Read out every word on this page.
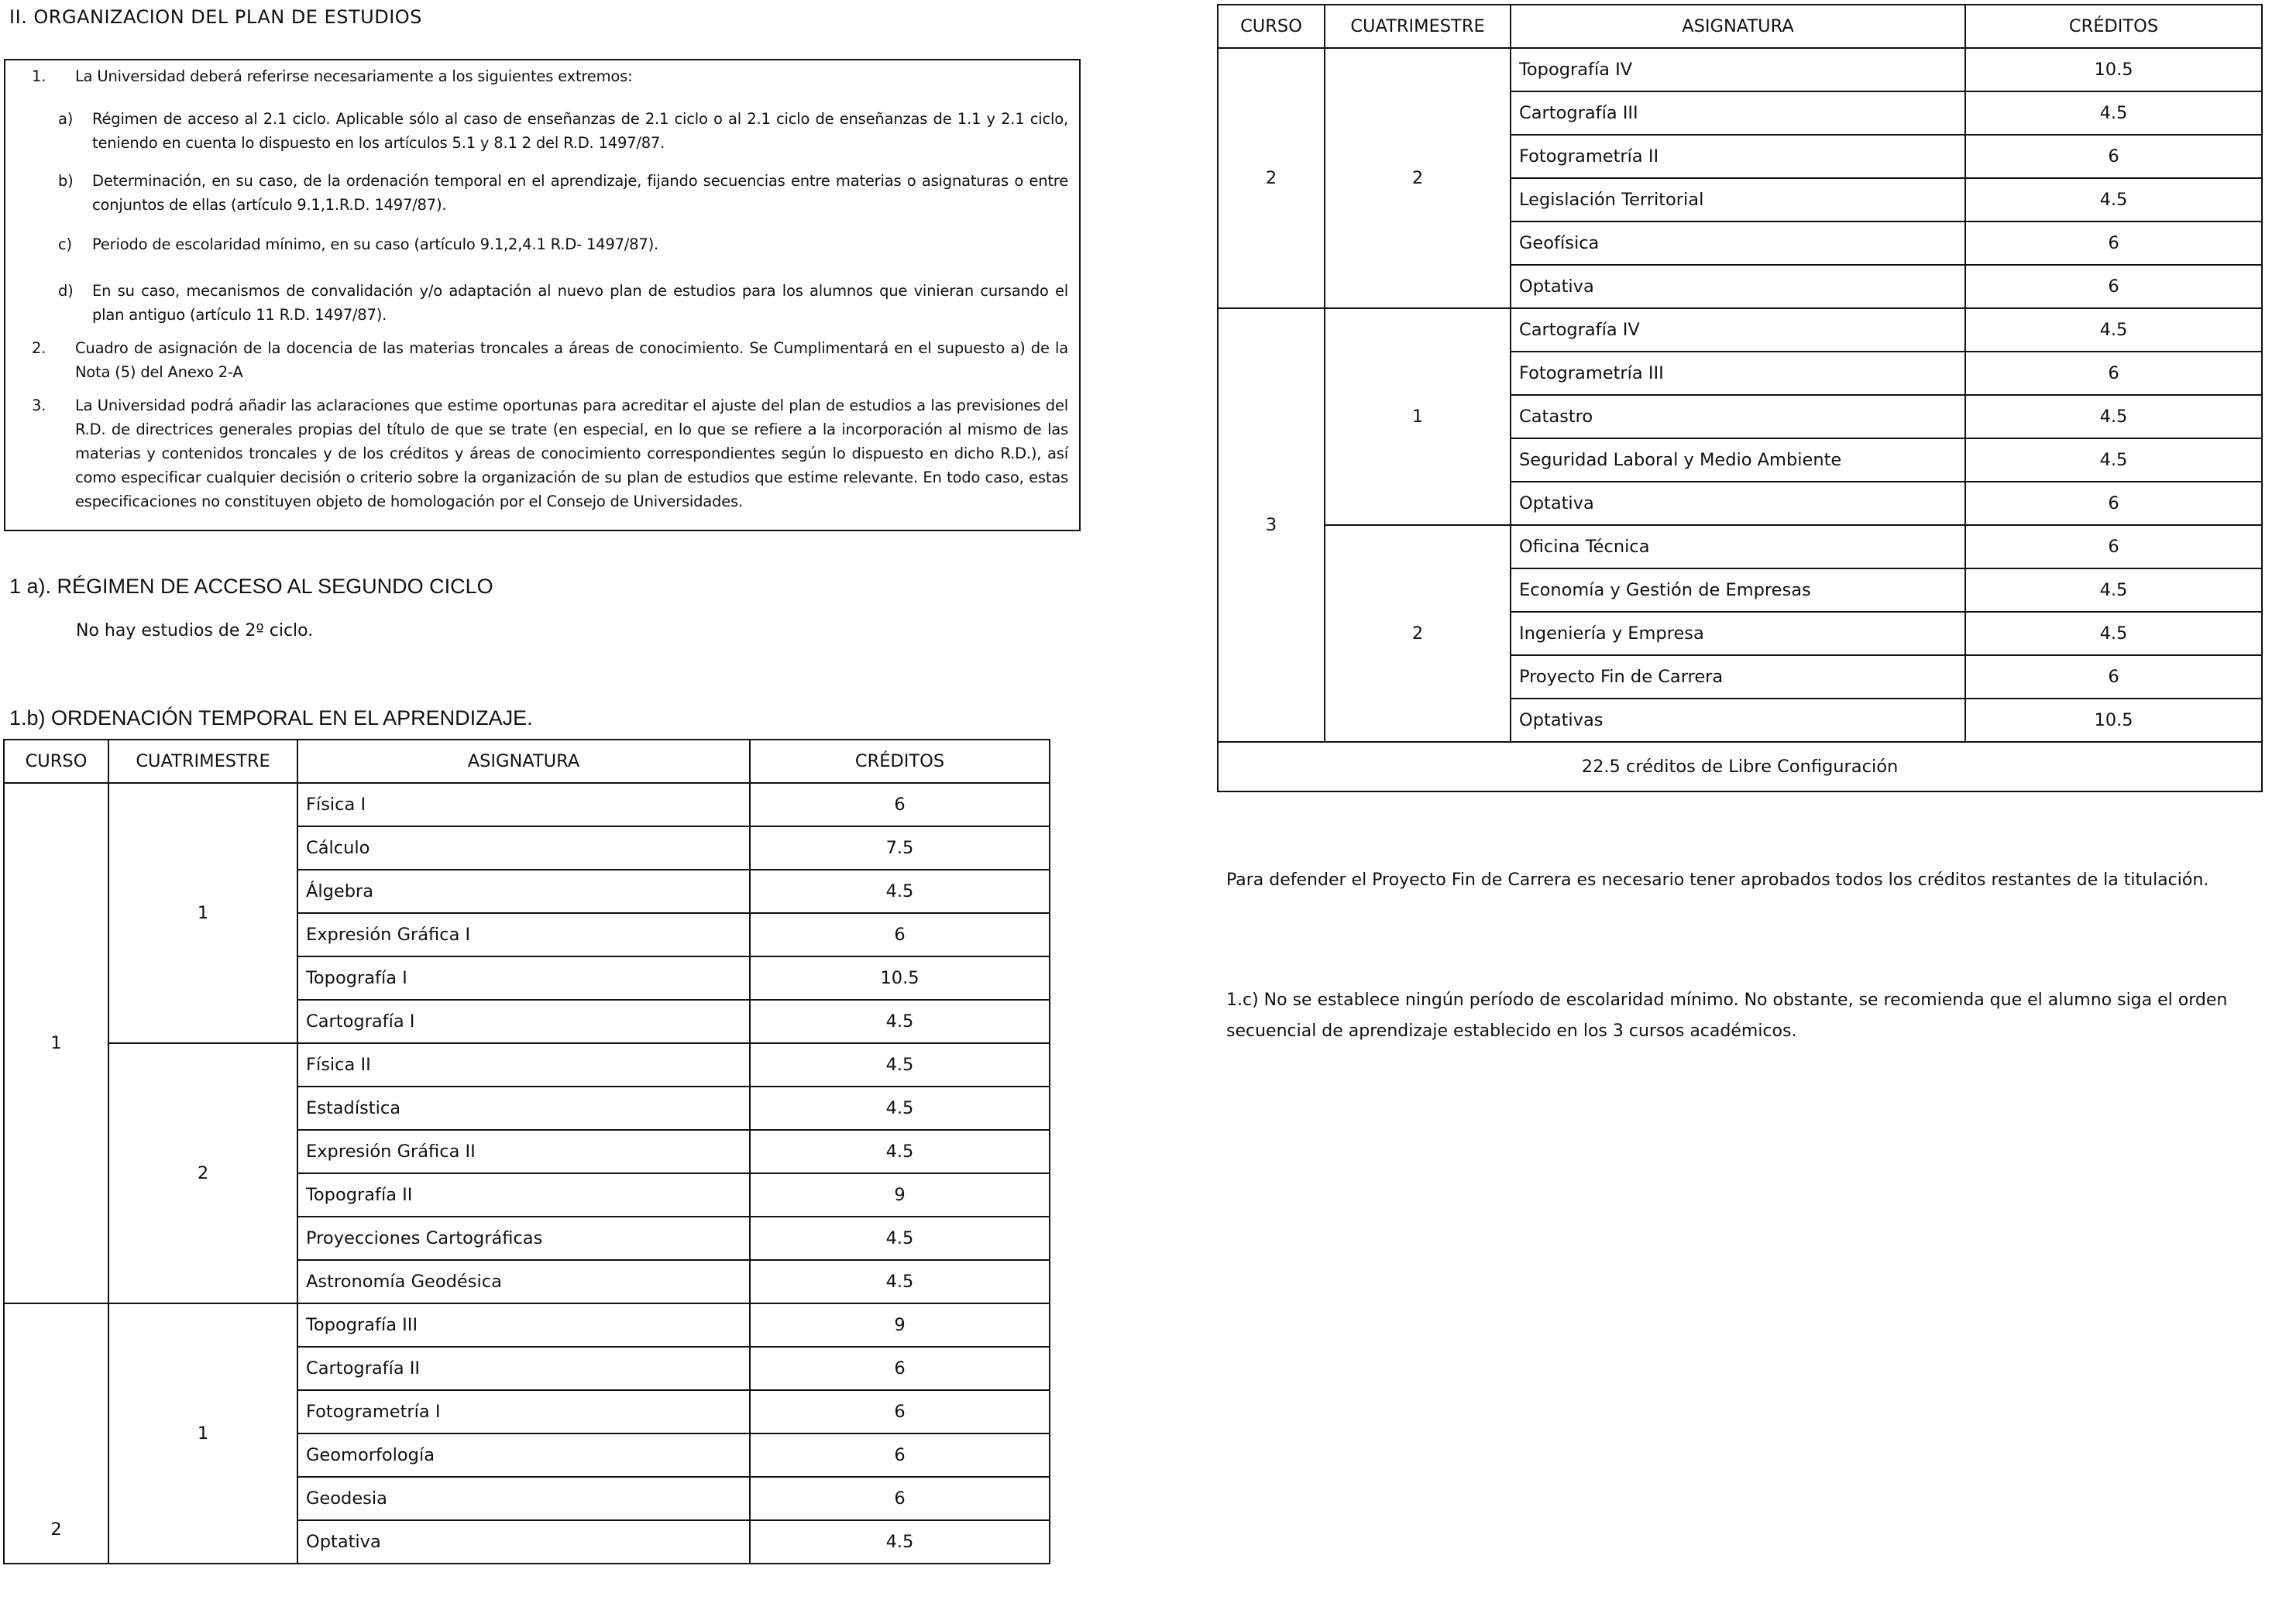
II. ORGANIZACION DEL PLAN DE ESTUDIOS
1. La Universidad deberá referirse necesariamente a los siguientes extremos:
a) Régimen de acceso al 2.1 ciclo. Aplicable sólo al caso de enseñanzas de 2.1 ciclo o al 2.1 ciclo de enseñanzas de 1.1 y 2.1 ciclo, teniendo en cuenta lo dispuesto en los artículos 5.1 y 8.1 2 del R.D. 1497/87.
b) Determinación, en su caso, de la ordenación temporal en el aprendizaje, fijando secuencias entre materias o asignaturas o entre conjuntos de ellas (artículo 9.1,1.R.D. 1497/87).
c) Periodo de escolaridad mínimo, en su caso (artículo 9.1,2,4.1 R.D- 1497/87).
d) En su caso, mecanismos de convalidación y/o adaptación al nuevo plan de estudios para los alumnos que vinieran cursando el plan antiguo (artículo 11 R.D. 1497/87).
2. Cuadro de asignación de la docencia de las materias troncales a áreas de conocimiento. Se Cumplimentará en el supuesto a) de la Nota (5) del Anexo 2-A
3. La Universidad podrá añadir las aclaraciones que estime oportunas para acreditar el ajuste del plan de estudios a las previsiones del R.D. de directrices generales propias del título de que se trate (en especial, en lo que se refiere a la incorporación al mismo de las materias y contenidos troncales y de los créditos y áreas de conocimiento correspondientes según lo dispuesto en dicho R.D.), así como especificar cualquier decisión o criterio sobre la organización de su plan de estudios que estime relevante. En todo caso, estas especificaciones no constituyen objeto de homologación por el Consejo de Universidades.
1 a). RÉGIMEN DE ACCESO AL SEGUNDO CICLO

No hay estudios de 2º ciclo.

1.b) ORDENACIÓN TEMPORAL EN EL APRENDIZAJE.
CURSO	CUATRIMESTRE	ASIGNATURA	CRÉDITOS
1	1	Física I	6
		Cálculo	7.5
		Álgebra	4.5
		Expresión Gráfica I	6
		Topografía I	10.5
		Cartografía I	4.5
	2	Física II	4.5
		Estadística	4.5
		Expresión Gráfica II	4.5
		Topografía II	9
		Proyecciones Cartográficas	4.5
		Astronomía Geodésica	4.5
2	1	Topografía III	9
		Cartografía II	6
		Fotogrametría I	6
		Geomorfología	6
		Geodesia	6
		Optativa	4.5
CURSO	CUATRIMESTRE	ASIGNATURA	CRÉDITOS
2	2	Topografía IV	10.5
		Cartografía III	4.5
		Fotogrametría II	6
		Legislación Territorial	4.5
		Geofísica	6
		Optativa	6
3	1	Cartografía IV	4.5
		Fotogrametría III	6
		Catastro	4.5
		Seguridad Laboral y Medio Ambiente	4.5
		Optativa	6
	2	Oficina Técnica	6
		Economía y Gestión de Empresas	4.5
		Ingeniería y Empresa	4.5
		Proyecto Fin de Carrera	6
		Optativas	10.5
22.5 créditos de Libre Configuración			

Para defender el Proyecto Fin de Carrera es necesario tener aprobados todos los créditos restantes de la titulación.

1.c) No se establece ningún período de escolaridad mínimo. No obstante, se recomienda que el alumno siga el orden secuencial de aprendizaje establecido en los 3 cursos académicos.
